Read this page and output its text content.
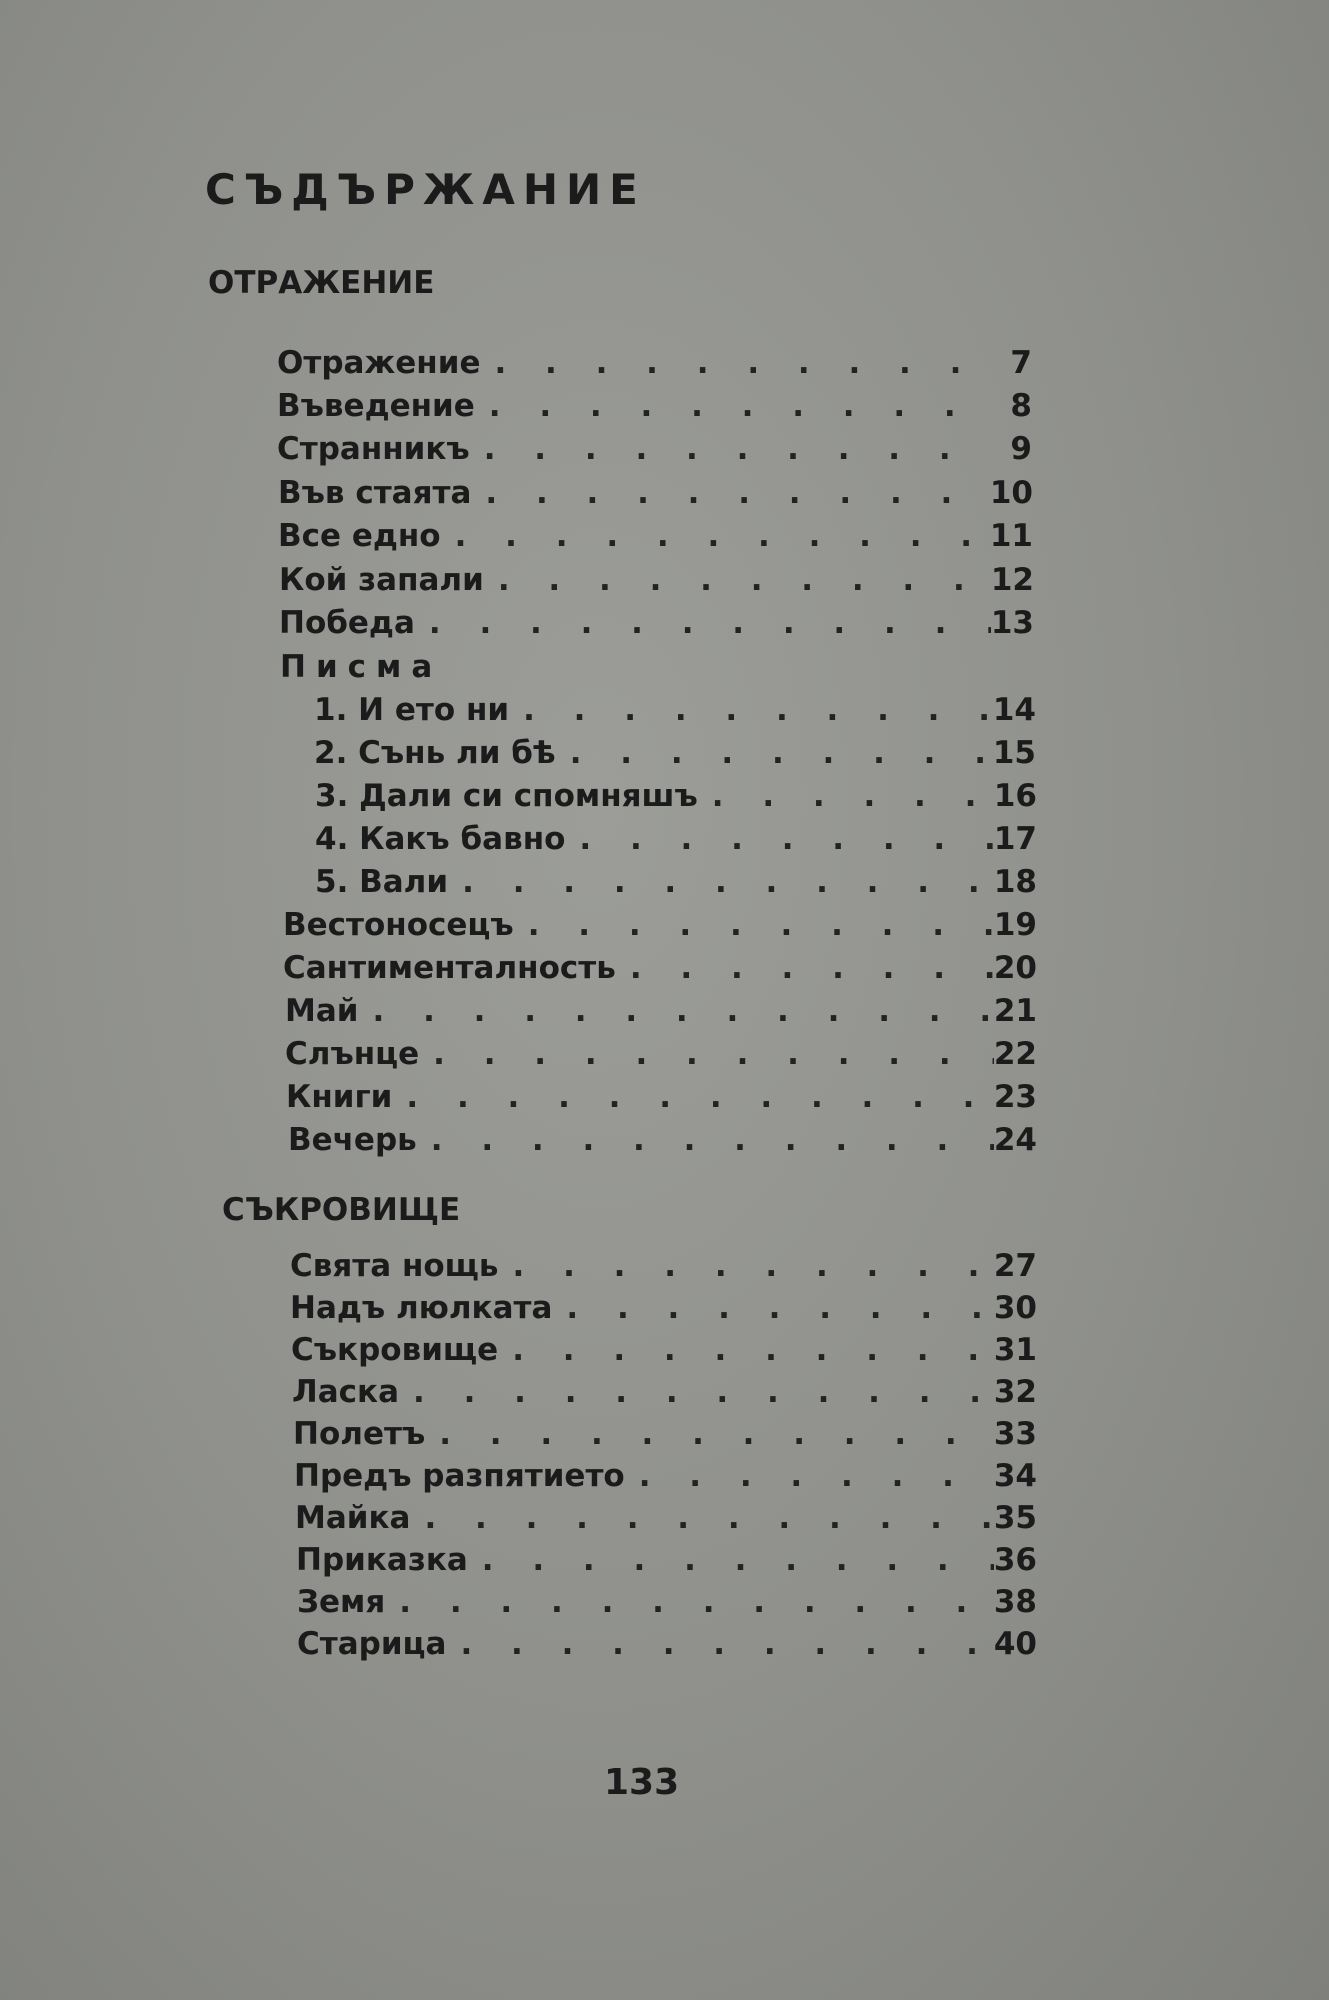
СЪДЪРЖАНИЕ
ОТРАЖЕНИЕ
Отражение . . .	7
Въведение . . .	8
Странникъ . . .	9
Във стаята . . .	10
Все едно . . .	11
Кой запали . . .	12
Победа . . .	13
Писма
1. И ето ни . . .	14
2. Сънь ли бѣ . . .	15
3. Дали си спомняшъ . . .	16
4. Какъ бавно . . .	17
5. Вали . . .	18
Вестоносецъ . . .	19
Сантименталность . . .	20
Май . . .	21
Слънце . . .	22
Книги . . .	23
Вечерь . . .	24
СЪКРОВИЩЕ
Свята нощь . . .	27
Надъ люлката . . .	30
Съкровище . . .	31
Ласка . . .	32
Полетъ . . .	33
Предъ разпятието . . .	34
Майка . . .	35
Приказка . . .	36
Земя . . .	38
Старица . . .	40
133
